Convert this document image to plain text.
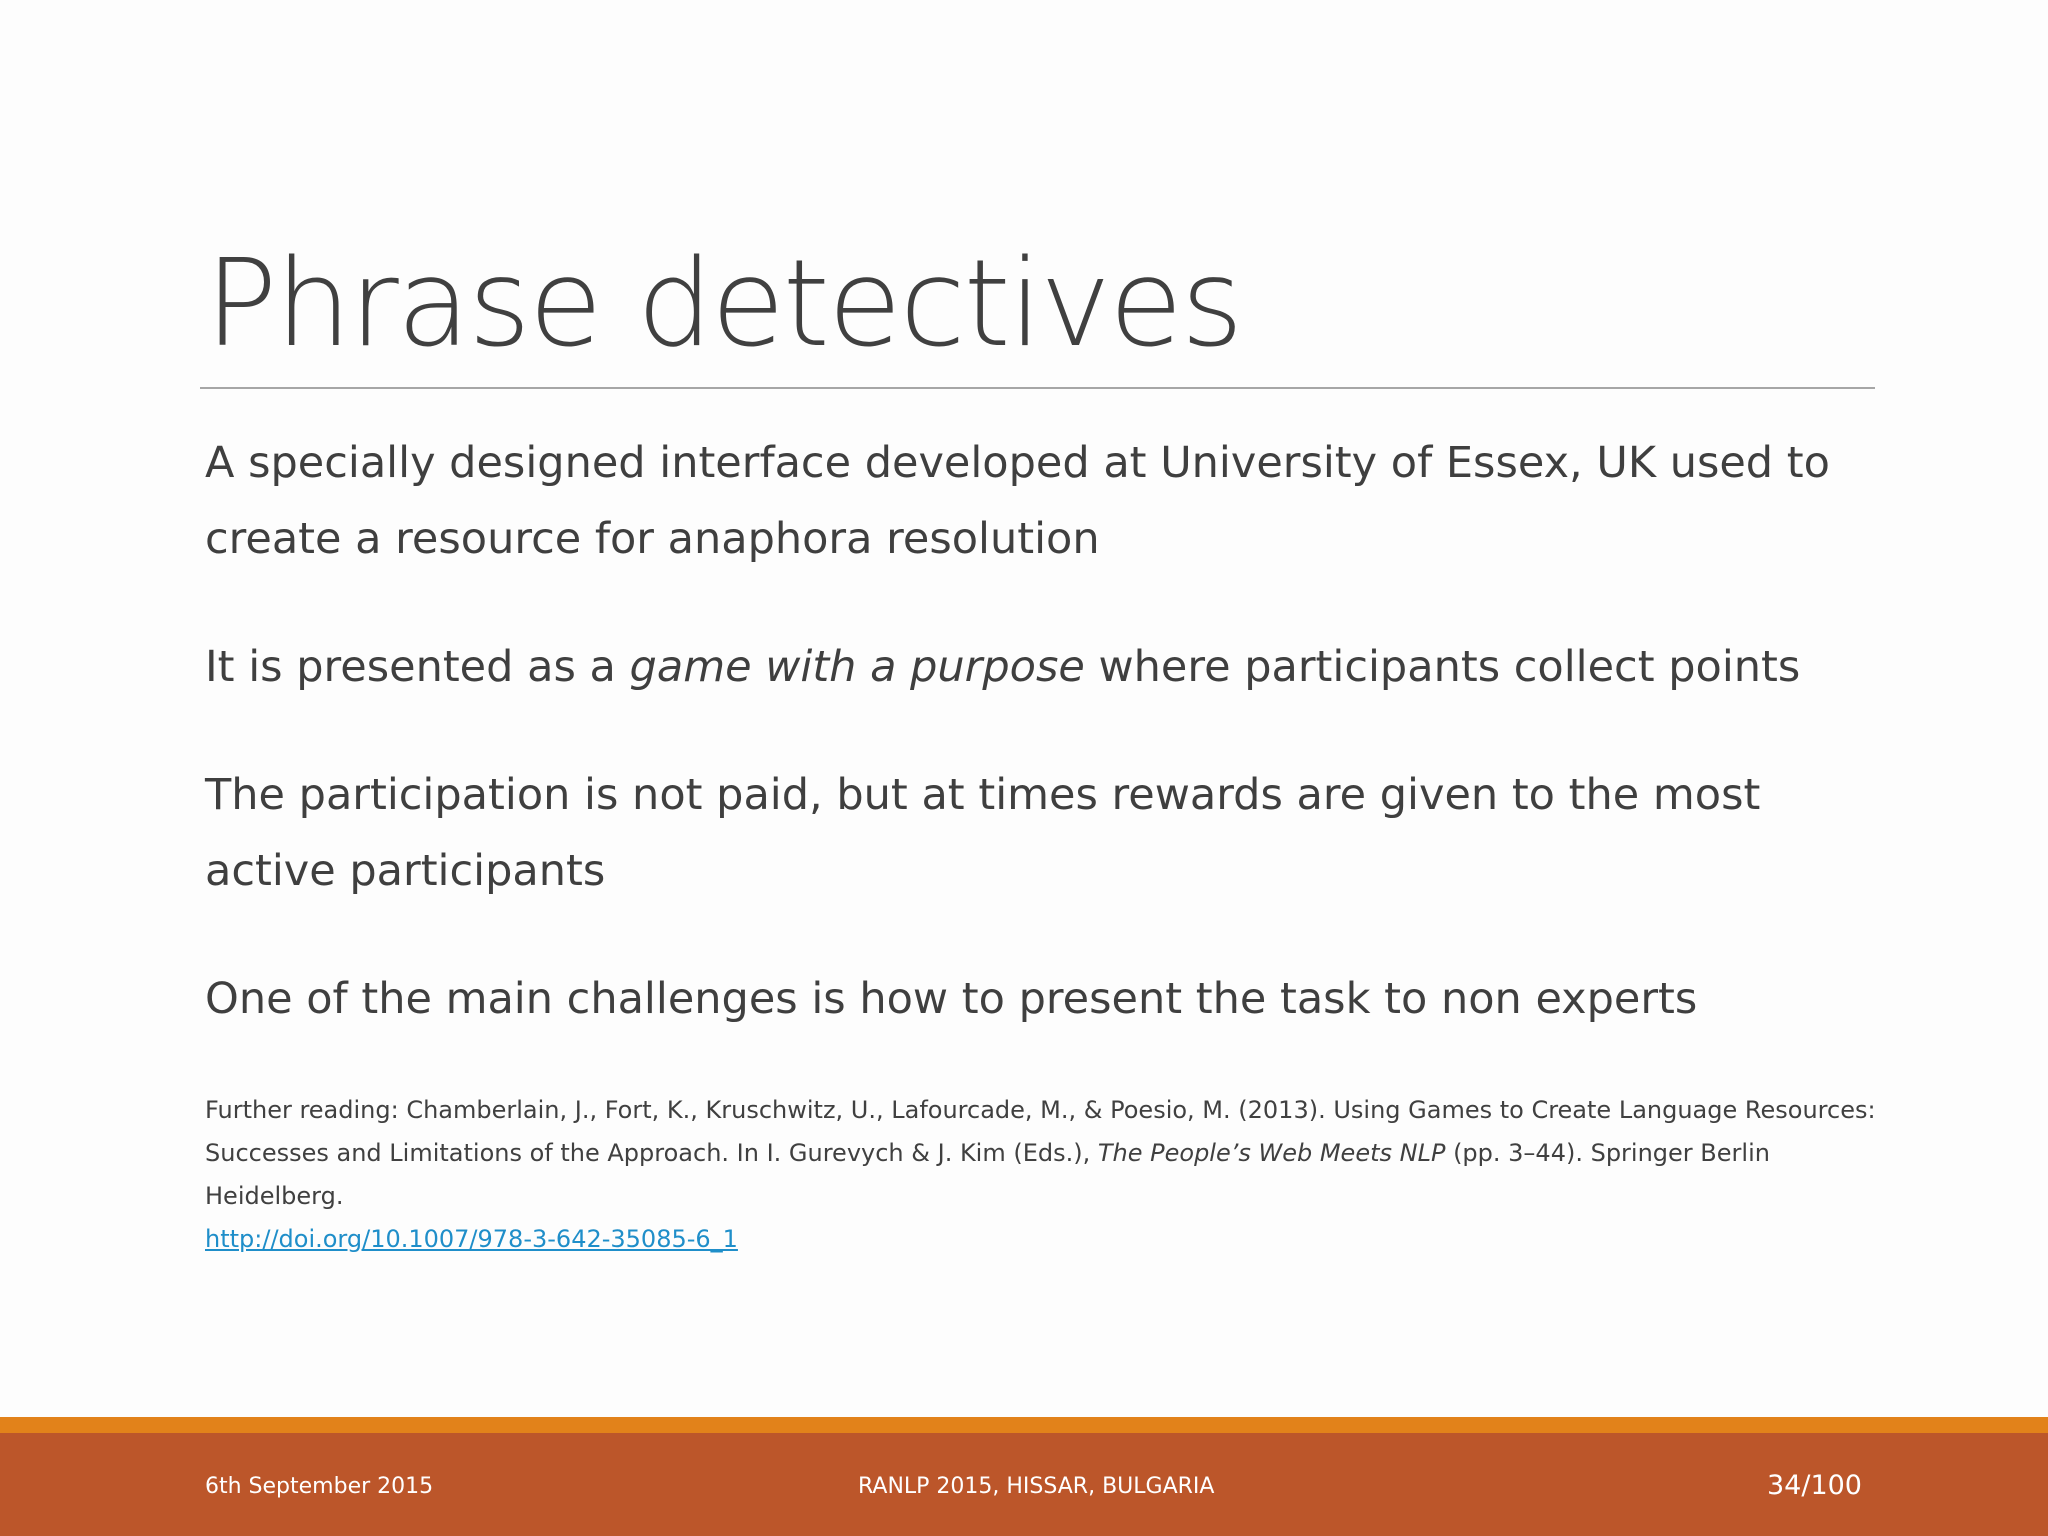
Phrase detectives

A specially designed interface developed at University of Essex, UK used to create a resource for anaphora resolution

It is presented as a game with a purpose where participants collect points

The participation is not paid, but at times rewards are given to the most active participants

One of the main challenges is how to present the task to non experts

Further reading: Chamberlain, J., Fort, K., Kruschwitz, U., Lafourcade, M., & Poesio, M. (2013). Using Games to Create Language Resources: Successes and Limitations of the Approach. In I. Gurevych & J. Kim (Eds.), The People’s Web Meets NLP (pp. 3–44). Springer Berlin Heidelberg.
http://doi.org/10.1007/978-3-642-35085-6_1
6th September 2015	RANLP 2015, HISSAR, BULGARIA	34/100
